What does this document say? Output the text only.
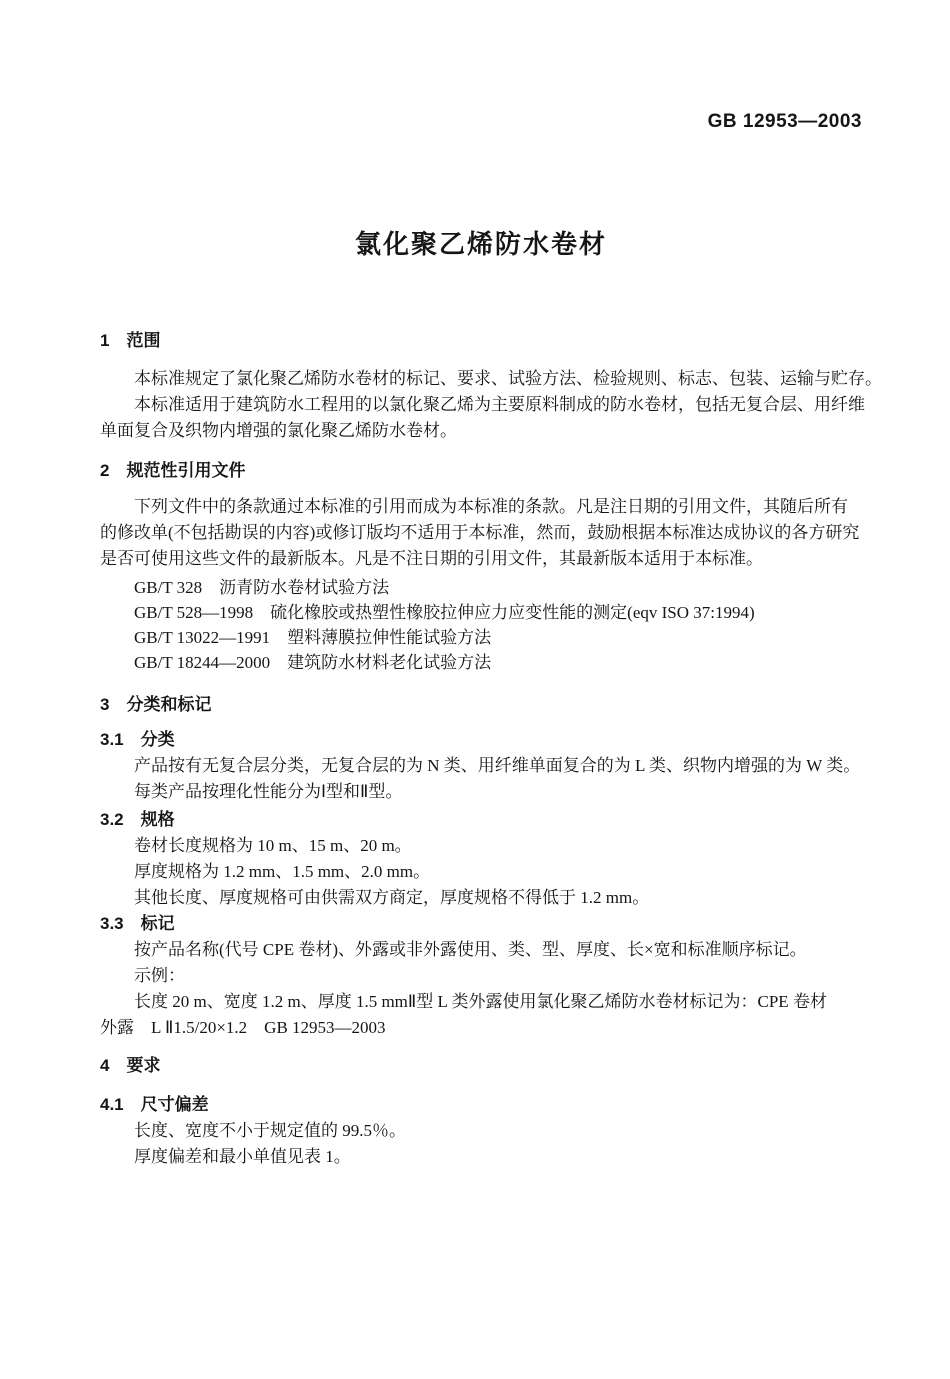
GB 12953—2003
氯化聚乙烯防水卷材
1　范围
本标准规定了氯化聚乙烯防水卷材的标记、要求、试验方法、检验规则、标志、包装、运输与贮存。
本标准适用于建筑防水工程用的以氯化聚乙烯为主要原料制成的防水卷材，包括无复合层、用纤维
单面复合及织物内增强的氯化聚乙烯防水卷材。
2　规范性引用文件
下列文件中的条款通过本标准的引用而成为本标准的条款。凡是注日期的引用文件，其随后所有
的修改单(不包括勘误的内容)或修订版均不适用于本标准，然而，鼓励根据本标准达成协议的各方研究
是否可使用这些文件的最新版本。凡是不注日期的引用文件，其最新版本适用于本标准。
GB/T 328　沥青防水卷材试验方法
GB/T 528—1998　硫化橡胶或热塑性橡胶拉伸应力应变性能的测定(eqv ISO 37:1994)
GB/T 13022—1991　塑料薄膜拉伸性能试验方法
GB/T 18244—2000　建筑防水材料老化试验方法
3　分类和标记
3.1　分类
产品按有无复合层分类，无复合层的为 N 类、用纤维单面复合的为 L 类、织物内增强的为 W 类。
每类产品按理化性能分为Ⅰ型和Ⅱ型。
3.2　规格
卷材长度规格为 10 m、15 m、20 m。
厚度规格为 1.2 mm、1.5 mm、2.0 mm。
其他长度、厚度规格可由供需双方商定，厚度规格不得低于 1.2 mm。
3.3　标记
按产品名称(代号 CPE 卷材)、外露或非外露使用、类、型、厚度、长×宽和标准顺序标记。
示例：
长度 20 m、宽度 1.2 m、厚度 1.5 mmⅡ型 L 类外露使用氯化聚乙烯防水卷材标记为：CPE 卷材
外露　L Ⅱ1.5/20×1.2　GB 12953—2003
4　要求
4.1　尺寸偏差
长度、宽度不小于规定值的 99.5％。
厚度偏差和最小单值见表 1。
